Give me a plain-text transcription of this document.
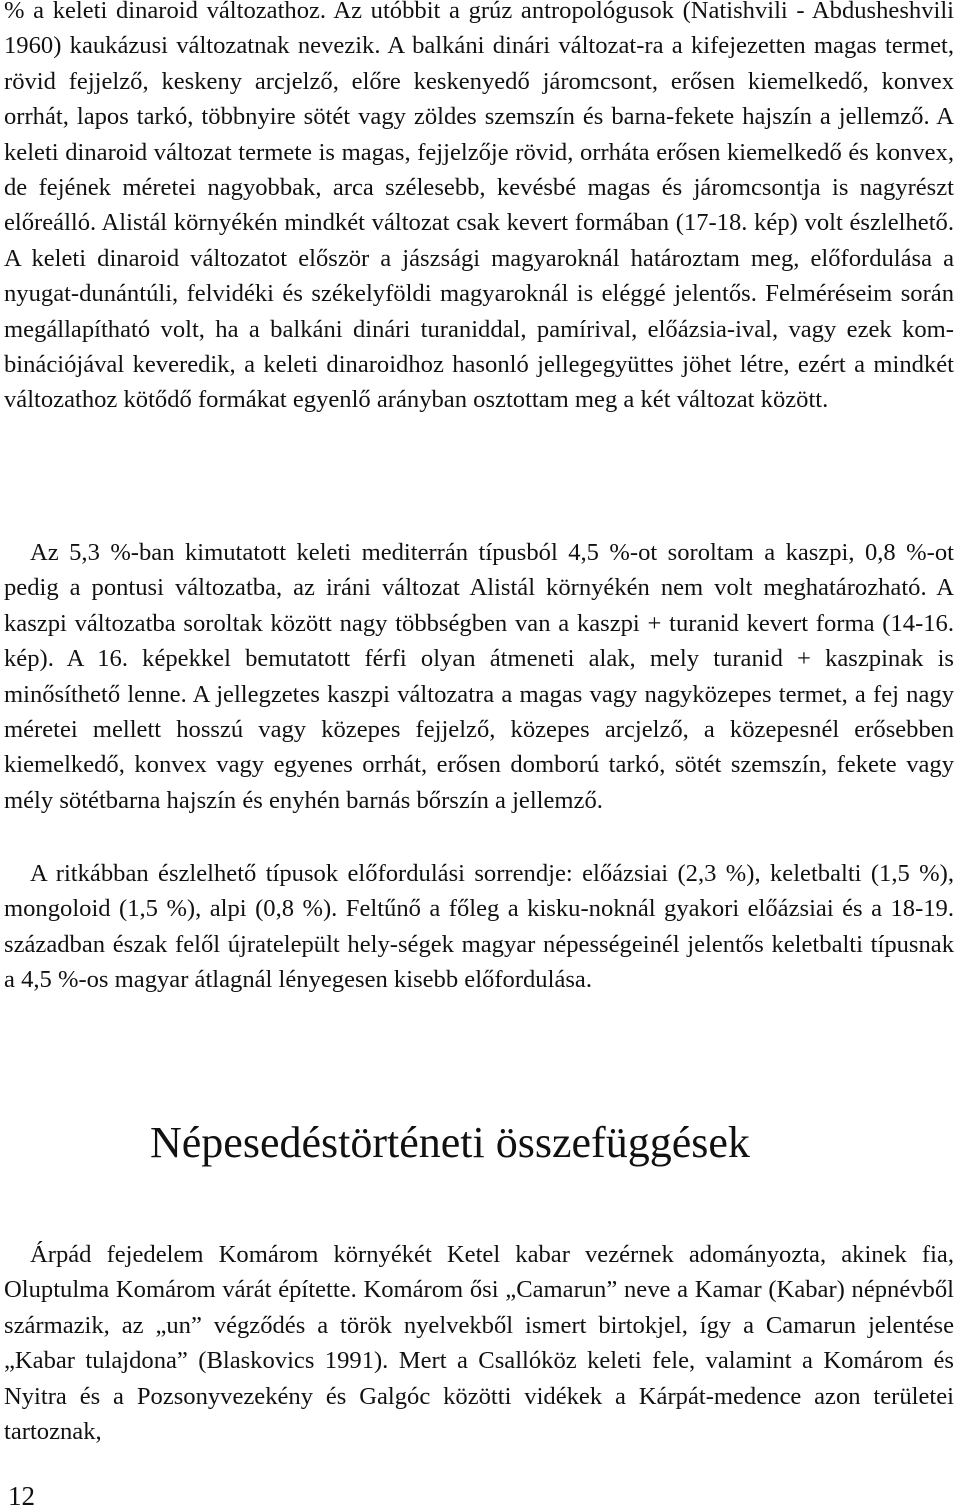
% a keleti dinaroid változathoz. Az utóbbit a grúz antropológusok (Natishvili - Abdusheshvili 1960) kaukázusi változatnak nevezik. A balkáni dinári változat-ra a kifejezetten magas termet, rövid fejjelző, keskeny arcjelző, előre keskenyedő járomcsont, erősen kiemelkedő, konvex orrhát, lapos tarkó, többnyire sötét vagy zöldes szemszín és barna-fekete hajszín a jellemző. A keleti dinaroid változat termete is magas, fejjelzője rövid, orrháta erősen kiemelkedő és konvex, de fejének méretei nagyobbak, arca szélesebb, kevésbé magas és járomcsontja is nagyrészt előreálló. Alistál környékén mindkét változat csak kevert formában (17-18. kép) volt észlelhető. A keleti dinaroid változatot először a jászsági magyaroknál határoztam meg, előfordulása a nyugat-dunántúli, felvidéki és székelyföldi magyaroknál is eléggé jelentős. Felméréseim során megállapítható volt, ha a balkáni dinári turaniddal, pamírival, előázsia-ival, vagy ezek kombinációjával keveredik, a keleti dinaroidhoz hasonló jellegegyüttes jöhet létre, ezért a mindkét változathoz kötődő formákat egyenlő arányban osztottam meg a két változat között.

Az 5,3 %-ban kimutatott keleti mediterrán típusból 4,5 %-ot soroltam a kaszpi, 0,8 %-ot pedig a pontusi változatba, az iráni változat Alistál környékén nem volt meghatározható. A kaszpi változatba soroltak között nagy többségben van a kaszpi + turanid kevert forma (14-16. kép). A 16. képekkel bemutatott férfi olyan átmeneti alak, mely turanid + kaszpinak is minősíthető lenne. A jellegzetes kaszpi változatra a magas vagy nagyközepes termet, a fej nagy méretei mellett hosszú vagy közepes fejjelző, közepes arcjelző, a közepesnél erősebben kiemelkedő, konvex vagy egyenes orrhát, erősen domború tarkó, sötét szemszín, fekete vagy mély sötétbarna hajszín és enyhén barnás bőrszín a jellemző.

A ritkábban észlelhető típusok előfordulási sorrendje: előázsiai (2,3 %), keletbalti (1,5 %), mongoloid (1,5 %), alpi (0,8 %). Feltűnő a főleg a kisku-noknál gyakori előázsiai és a 18-19. században észak felől újratelepült hely-ségek magyar népességeinél jelentős keletbalti típusnak a 4,5 %-os magyar átlagnál lényegesen kisebb előfordulása.

Népesedéstörténeti összefüggések

Árpád fejedelem Komárom környékét Ketel kabar vezérnek adományozta, akinek fia, Oluptulma Komárom várát építette. Komárom ősi „Camarun” neve a Kamar (Kabar) népnévből származik, az „un” végződés a török nyelvekből ismert birtokjel, így a Camarun jelentése „Kabar tulajdona” (Blaskovics 1991). Mert a Csallóköz keleti fele, valamint a Komárom és Nyitra és a Pozsonyvezekény és Galgóc közötti vidékek a Kárpát-medence azon területei tartoznak,

12
